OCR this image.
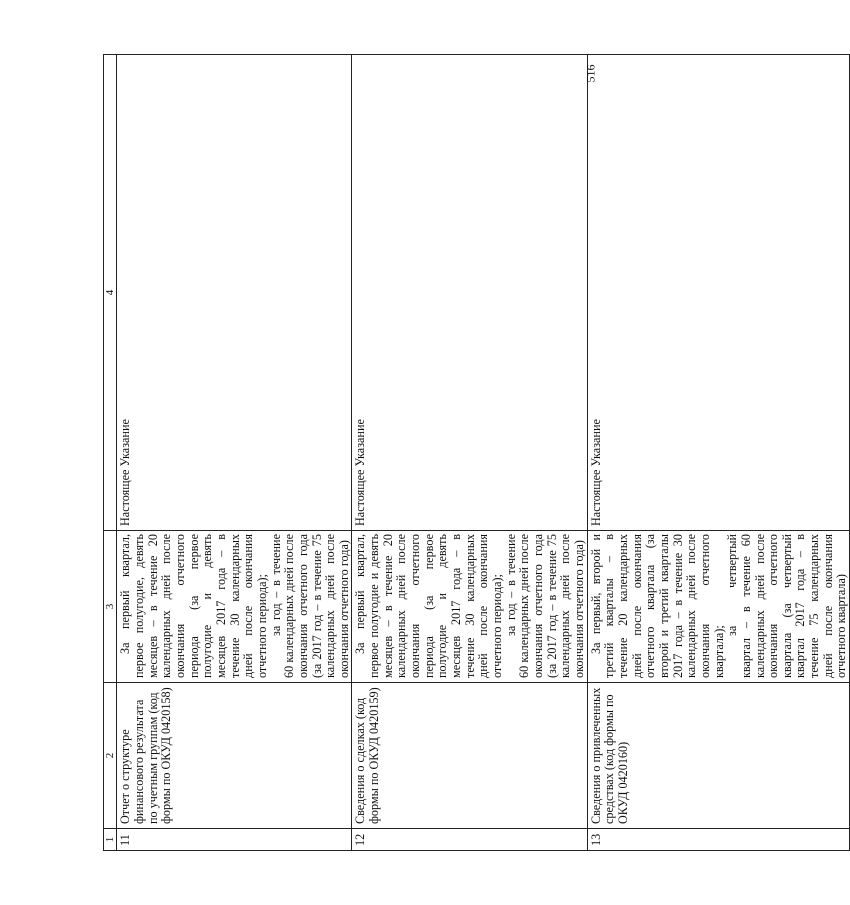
1	2	3	4
11	Отчет о структуре финансового результата по учетным группам (код формы по ОКУД 0420158)	За первый квартал, первое полугодие, девять месяцев – в течение 20 календарных дней после окончания отчетного периода (за первое полугодие и девять месяцев 2017 года – в течение 30 календарных дней после окончания отчетного периода); за год – в течение 60 календарных дней после окончания отчетного года (за 2017 год – в течение 75 календарных дней после окончания отчетного года)	Настоящее Указание
12	Сведения о сделках (код формы по ОКУД 0420159)	За первый квартал, первое полугодие и девять месяцев – в течение 20 календарных дней после окончания отчетного периода (за первое полугодие и девять месяцев 2017 года – в течение 30 календарных дней после окончания отчетного периода); за год – в течение 60 календарных дней после окончания отчетного года (за 2017 год – в течение 75 календарных дней после окончания отчетного года)	Настоящее Указание
13	Сведения о привлеченных средствах (код формы по ОКУД 0420160)	За первый, второй и третий кварталы – в течение 20 календарных дней после окончания отчетного квартала (за второй и третий кварталы 2017 года – в течение 30 календарных дней после окончания отчетного квартала);

за четвертый квартал – в течение 60 календарных дней после окончания отчетного квартала (за четвертый квартал 2017 года – в течение 75 календарных дней после окончания отчетного квартала)	Настоящее Указание
516
